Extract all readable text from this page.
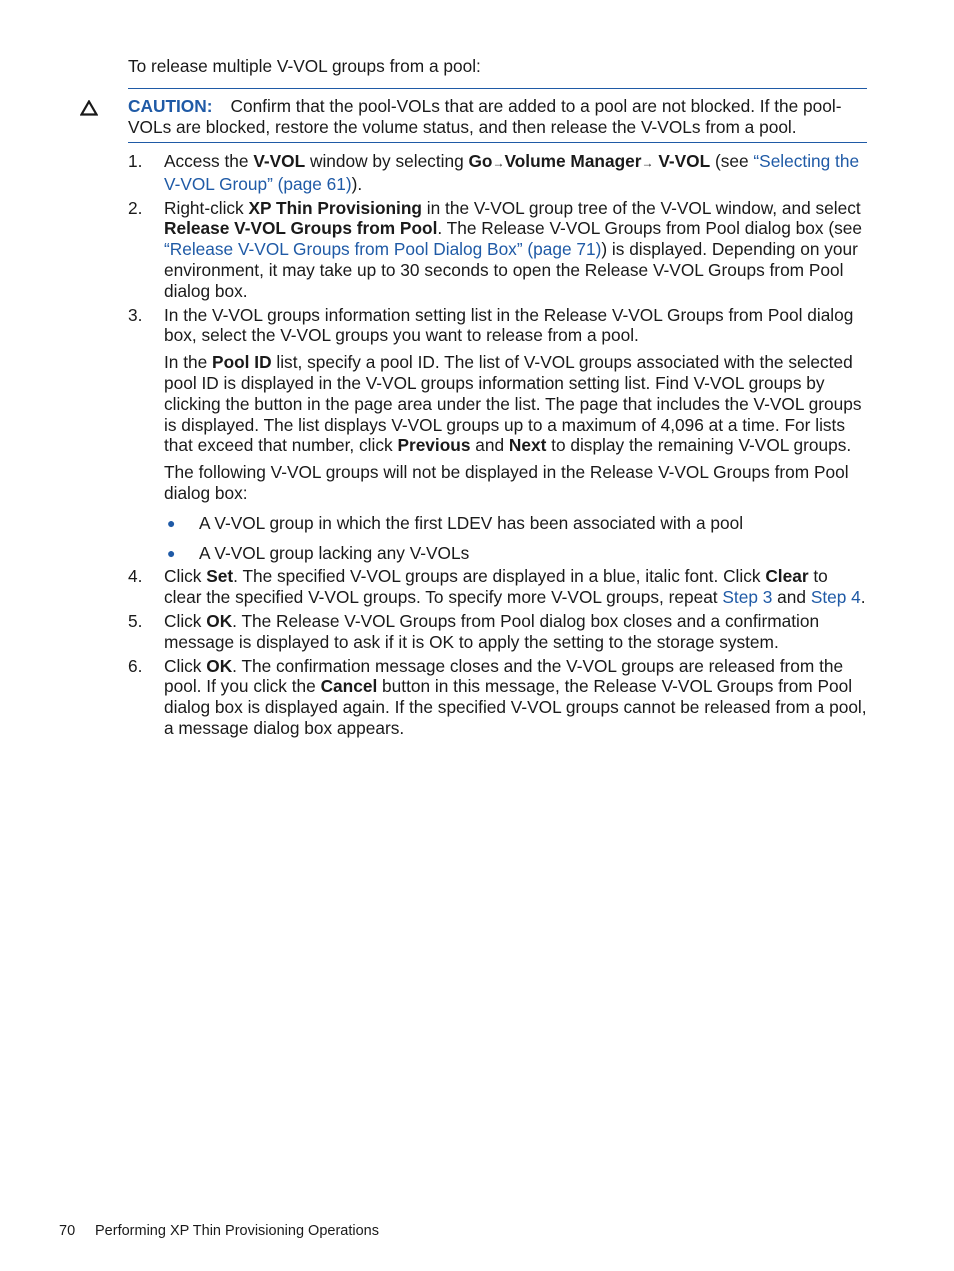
To release multiple V-VOL groups from a pool:

CAUTION: Confirm that the pool-VOLs that are added to a pool are not blocked. If the pool-VOLs are blocked, restore the volume status, and then release the V-VOLs from a pool.
1. Access the V-VOL window by selecting Go→Volume Manager→ V-VOL (see “Selecting the V-VOL Group” (page 61)).

2. Right-click XP Thin Provisioning in the V-VOL group tree of the V-VOL window, and select Release V-VOL Groups from Pool. The Release V-VOL Groups from Pool dialog box (see “Release V-VOL Groups from Pool Dialog Box” (page 71)) is displayed. Depending on your environment, it may take up to 30 seconds to open the Release V-VOL Groups from Pool dialog box.

3. In the V-VOL groups information setting list in the Release V-VOL Groups from Pool dialog box, select the V-VOL groups you want to release from a pool.

In the Pool ID list, specify a pool ID. The list of V-VOL groups associated with the selected pool ID is displayed in the V-VOL groups information setting list. Find V-VOL groups by clicking the button in the page area under the list. The page that includes the V-VOL groups is displayed. The list displays V-VOL groups up to a maximum of 4,096 at a time. For lists that exceed that number, click Previous and Next to display the remaining V-VOL groups.

The following V-VOL groups will not be displayed in the Release V-VOL Groups from Pool dialog box:

● A V-VOL group in which the first LDEV has been associated with a pool
● A V-VOL group lacking any V-VOLs
4. Click Set. The specified V-VOL groups are displayed in a blue, italic font. Click Clear to clear the specified V-VOL groups. To specify more V-VOL groups, repeat Step 3 and Step 4.

5. Click OK. The Release V-VOL Groups from Pool dialog box closes and a confirmation message is displayed to ask if it is OK to apply the setting to the storage system.

6. Click OK. The confirmation message closes and the V-VOL groups are released from the pool. If you click the Cancel button in this message, the Release V-VOL Groups from Pool dialog box is displayed again. If the specified V-VOL groups cannot be released from a pool, a message dialog box appears.

70 Performing XP Thin Provisioning Operations
